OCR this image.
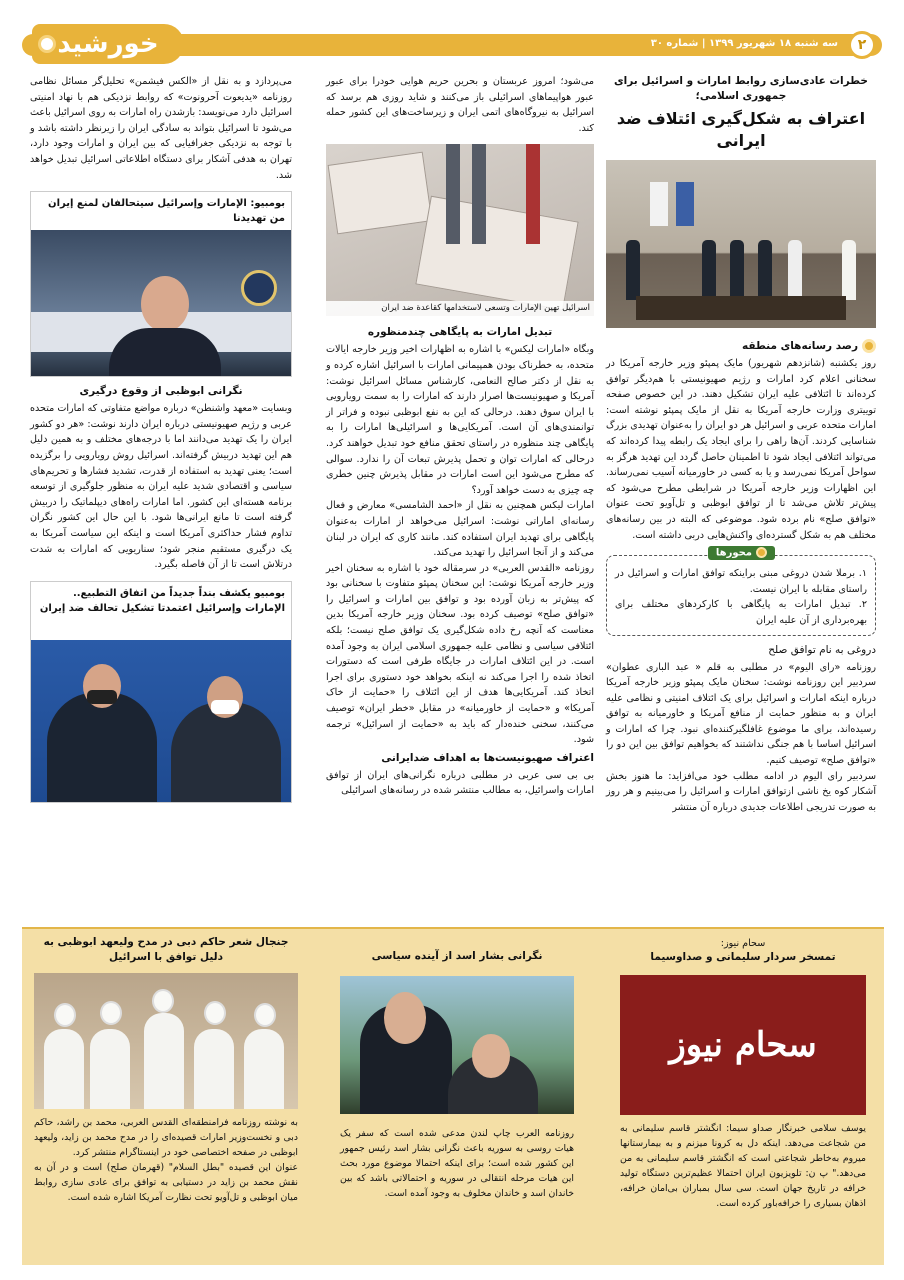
۲
سه شنبه ۱۸ شهریور ۱۳۹۹ | شماره ۳۰
خورشید
خطرات عادی‌سازی روابط امارات و اسرائیل برای جمهوری اسلامی؛
اعتراف به شکل‌گیری ائتلاف ضد ایرانی
رصد رسانه‌های منطقه

روز یکشنبه (شانزدهم شهریور) مایک پمپئو وزیر خارجه آمریکا در سخنانی اعلام کرد امارات و رژیم صهیونیستی با هم‌دیگر توافق کرده‌اند تا ائتلافی علیه ایران تشکیل دهند. در این خصوص صفحه توییتری وزارت خارجه آمریکا به نقل از مایک پمپئو نوشته است: امارات متحده عربی و اسرائیل هر دو ایران را به‌عنوان تهدیدی بزرگ شناسایی کردند. آن‌ها راهی را برای ایجاد یک رابطه پیدا کرده‌اند که می‌تواند ائتلافی ایجاد شود تا اطمینان حاصل گردد این تهدید هرگز به سواحل آمریکا نمی‌رسد و یا به کسی در خاورمیانه آسیب نمی‌رساند. این اظهارات وزیر خارجه آمریکا در شرایطی مطرح می‌شود که پیش‌تر تلاش می‌شد تا از توافق ابوظبی و تل‌آویو تحت عنوان «توافق صلح» نام برده شود. موضوعی که البته در بین رسانه‌های مختلف هم به شکل گسترده‌ای واکنش‌هایی دربی داشته است.

محورها

۱. برملا شدن دروغی مبنی براینکه توافق امارات و اسرائیل در راستای مقابله با ایران نیست.

۲. تبدیل امارات به پایگاهی با کارکردهای مختلف برای بهره‌برداری از آن علیه ایران

دروغی به نام توافق صلح

روزنامه «رای الیوم» در مطلبی به قلم « عبد الباری عطوان» سردبیر این روزنامه نوشت: سخنان مایک پمپئو وزیر خارجه آمریکا درباره اینکه امارات و اسرائیل برای یک ائتلاف امنیتی و نظامی علیه ایران و به منظور حمایت از منافع آمریکا و خاورمیانه به توافق رسیده‌اند، برای ما موضوع غافلگیرکننده‌ای نبود. چرا که امارات و اسرائیل اساسا با هم جنگی نداشتند که بخواهیم توافق بین این دو را «توافق صلح» توصیف کنیم.

سردبیر رای الیوم در ادامه مطلب خود می‌افزاید: ما هنوز بخش آشکار کوه یخ ناشی ازتوافق امارات و اسرائیل را می‌بینیم و هر روز به صورت تدریجی اطلاعات جدیدی درباره آن منتشر

می‌شود؛ امروز عربستان و بحرین حریم هوایی خودرا برای عبور عبور هواپیماهای اسرائیلی باز می‌کنند و شاید روزی هم برسد که اسرائیل به نیروگاه‌های اتمی ایران و زیرساخت‌های این کشور حمله کند.

اسرائیل تهین الإمارات وتسعی لاستخدامها کقاعدة ضد ایران
تبدیل امارات به پایگاهی چندمنظوره

وبگاه «امارات لیکس» با اشاره به اظهارات اخیر وزیر خارجه ایالات متحده، به خطرناک بودن همپیمانی امارات با اسرائیل اشاره کرده و به نقل از دکتر صالح النعامی، کارشناس مسائل اسرائیل نوشت: آمریکا و صهیونیست‌ها اصرار دارند که امارات را به سمت رویارویی با ایران سوق دهند. درحالی که این به نفع ابوظبی نبوده و فراتر از توانمندی‌های آن است. آمریکایی‌ها و اسرائیلی‌ها امارات را به پایگاهی چند منظوره در راستای تحقق منافع خود تبدیل خواهند کرد. درحالی که امارات توان و تحمل پذیرش تبعات آن را ندارد. سوالی که مطرح می‌شود این است امارات در مقابل پذیرش چنین خطری چه چیزی به دست خواهد آورد؟

امارات لیکس همچنین به نقل از «احمد الشامسی» معارض و فعال رسانه‌ای اماراتی نوشت: اسرائیل می‌خواهد از امارات به‌عنوان پایگاهی برای تهدید ایران استفاده کند. مانند کاری که ایران در لبنان می‌کند و از آنجا اسرائیل را تهدید می‌کند.

روزنامه «القدس العربی» در سرمقاله خود با اشاره به سخنان اخیر وزیر خارجه آمریکا نوشت: این سخنان پمپئو متفاوت با سخنانی بود که پیش‌تر به زبان آورده بود و توافق بین امارات و اسرائیل را «توافق صلح» توصیف کرده بود. سخنان وزیر خارجه آمریکا بدین معناست که آنچه رخ داده شکل‌گیری یک توافق صلح نیست؛ بلکه ائتلافی سیاسی و نظامی علیه جمهوری اسلامی ایران به وجود آمده است. در این ائتلاف امارات در جایگاه طرفی است که دستورات اتخاذ شده را اجرا می‌کند نه اینکه بخواهد خود دستوری برای اجرا اتخاذ کند. آمریکایی‌ها هدف از این ائتلاف را «حمایت از خاک آمریکا» و «حمایت از خاورمیانه» در مقابل «خطر ایران» توصیف می‌کنند، سخنی خنده‌دار که باید به «حمایت از اسرائیل» ترجمه شود.

اعتراف صهیونیست‌ها به اهداف ضدایرانی

بی بی سی عربی در مطلبی درباره نگرانی‌های ایران از توافق امارات واسرائیل، به مطالب منتشر شده در رسانه‌های اسرائیلی

می‌پردازد و به نقل از «الکس فیشمن» تحلیل‌گر مسائل نظامی روزنامه «یدیعوت آحرونوت» که روابط نزدیکی هم با نهاد امنیتی اسرائیل دارد می‌نویسد: بازشدن راه امارات به روی اسرائیل باعث می‌شود تا اسرائیل بتواند به سادگی ایران را زیرنظر داشته باشد و با توجه به نزدیکی جغرافیایی که بین ایران و امارات وجود دارد، تهران به هدفی آشکار برای دستگاه اطلاعاتی اسرائیل تبدیل خواهد شد.

بومبيو: الإمارات وإسرائيل سيتحالفان لمنع إيران من تهديدنا
نگرانی ابوظبی از وقوع درگیری

وبسایت «معهد واشنطن» درباره مواضع متفاوتی که امارات متحده عربی و رژیم صهیونیستی درباره ایران دارند نوشت: «هر دو کشور ایران را یک تهدید می‌دانند اما با درجه‌های مختلف و به همین دلیل هم این تهدید دربیش گرفته‌اند. اسرائیل روش رویارویی را برگزیده است؛ یعنی تهدید به استفاده از قدرت، تشدید فشارها و تحریم‌های سیاسی و اقتصادی شدید علیه ایران به منظور جلوگیری از توسعه برنامه هسته‌ای این کشور. اما امارات راه‌های دیپلماتیک را دربیش گرفته است تا مانع ایرانی‌ها شود. با این حال این کشور نگران تداوم فشار حداکثری آمریکا است و اینکه این سیاست آمریکا به یک درگیری مستقیم منجر شود؛ سناریویی که امارات به شدت درتلاش است تا از آن فاصله بگیرد.

بومبيو يكشف بنداً جديداً من اتفاق التطبيع.. الإمارات وإسرائيل اعتمدتا تشكيل تحالف ضد إيران
سحام نیوز:
تمسخر سردار سلیمانی و صداوسیما
سحام نیوز

یوسف سلامی خبرنگار صداو سیما: انگشتر قاسم سلیمانی به من شجاعت می‌دهد. اینکه دل به کرونا میزنم و به بیمارستانها میروم به‌خاطر شجاعتی است که انگشتر قاسم سلیمانی به من می‌دهد." پ ن: تلویزیون ایران احتمالا عظیم‌ترین دستگاه تولید خرافه در تاریخ جهان است. سی سال بمباران بی‌امان خرافه، اذهان بسیاری را خرافه‌باور کرده است.

نگرانی بشار اسد از آینده سیاسی

روزنامه العرب چاپ لندن مدعی شده است که سفر یک هیات روسی به سوریه باعث نگرانی بشار اسد رئیس جمهور این کشور شده است؛ برای اینکه احتمالا موضوع مورد بحث این هیات مرحله انتقالی در سوریه و احتمالاتی باشد که بین خاندان اسد و خاندان مخلوف به وجود آمده است.

جنجال شعر حاکم دبی در مدح ولیعهد ابوظبی به دلیل توافق با اسرائیل

به نوشته روزنامه فرامنطقه‌ای القدس العربی، محمد بن راشد، حاکم دبی و نخست‌وزیر امارات قصیده‌ای را در مدح محمد بن زاید، ولیعهد ابوظبی در صفحه اختصاصی خود در اینستاگرام منتشر کرد.

عنوان این قصیده "بطل السلام" (قهرمان صلح) است و در آن به نقش محمد بن زاید در دستیابی به توافق برای عادی سازی روابط میان ابوظبی و تل‌آویو تحت نظارت آمریکا اشاره شده است.
